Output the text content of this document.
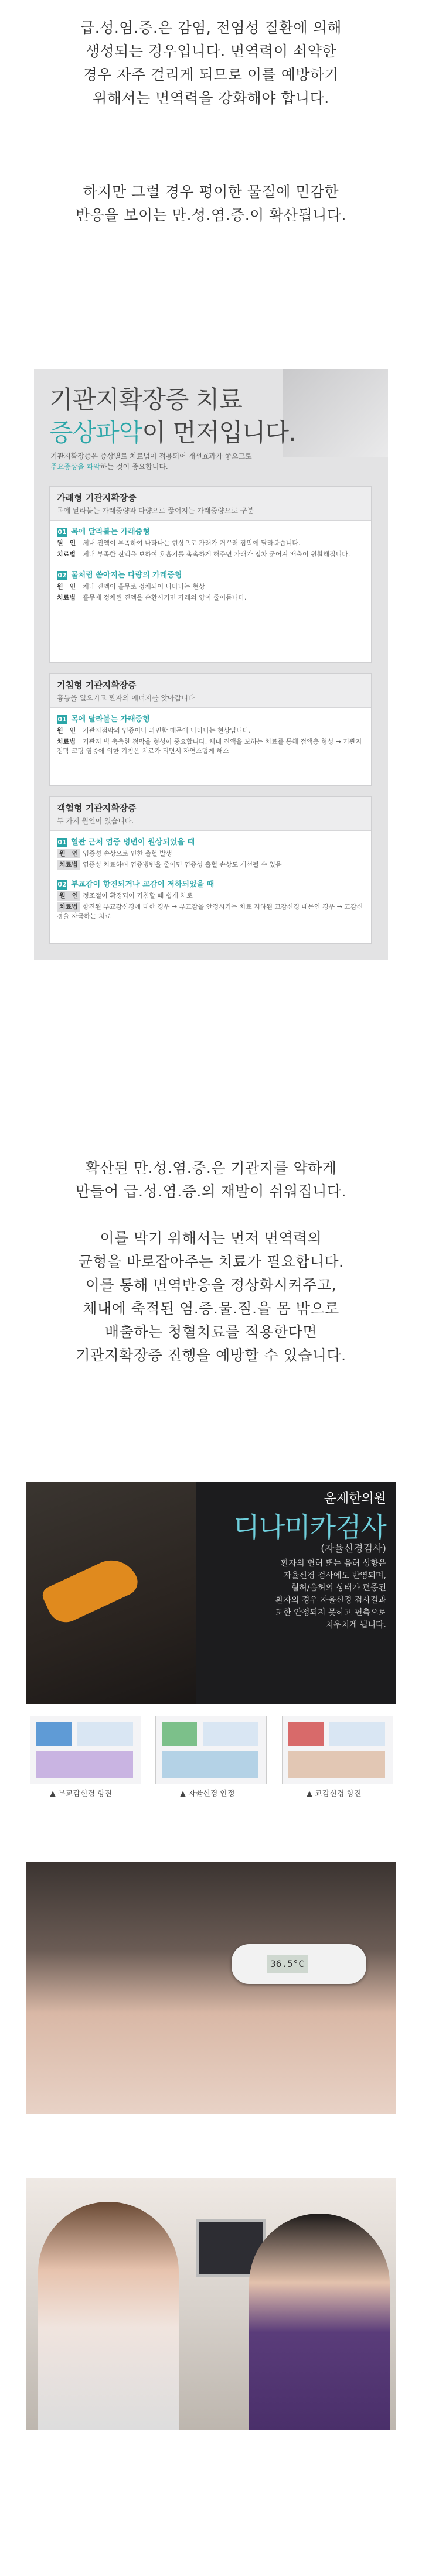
급.성.염.증.은 감염, 전염성 질환에 의해

생성되는 경우입니다. 면역력이 쇠약한

경우 자주 걸리게 되므로 이를 예방하기

위해서는 면역력을 강화해야 합니다.

하지만 그럴 경우 평이한 물질에 민감한

반응을 보이는 만.성.염.증.이 확산됩니다.

기관지확장증 치료
증상파악이 먼저입니다.
기관지확장증은 증상별로 치료법이 적용되어 개선효과가 좋으므로
주요증상을 파악하는 것이 중요합니다.
가래형 기관지확장증
목에 달라붙는 가래증량과 다량으로 끓어지는 가래증량으로 구분
01 목에 달라붙는 가래증형
원　인 체내 진액이 부족하여 나타나는 현상으로 가래가 거꾸러 잠막에 달라붙습니다.
치료법 체내 부족한 진액을 보하여 호흡기를 촉촉하게 해주면 가래가 점차 묽어져 배출이 원활해집니다.
02 물처럼 쏟아지는 다량의 가래증형
원　인 체내 진액이 흘무로 정체되어 나타나는 현상
치료법 흘무에 정체된 진액을 순환시키면 가래의 양이 줄어듭니다.
기침형 기관지확장증
흉통을 일으키고 환자의 에너지를 앗아갑니다
01 목에 달라붙는 가래증형
원　인 기관지점막의 염증이나 과민함 때문에 나타나는 현상입니다.
치료법 기관지 벽 축축한 점막을 형성이 중요합니다. 체내 진액을 보하는 치료를 통해 점액층 형성 → 기관지 점막 코팅 염증에 의한 기침은 치료가 되면서 자연스럽게 해소
객혈형 기관지확장증
두 가지 원인이 있습니다.
01 혈관 근처 염증 병변이 원상되었을 때
원　인 염증성 손상으로 인한 출혈 발생
치료법 염증성 치료하며 염증병변을 줄이면 염증성 출혈 손상도 개선될 수 있음
02 부교감이 항진되거나 교감이 저하되었을 때
원　인 정조절이 확정되어 기침할 때 쉽게 차로
치료법 항진된 부교감신경에 대한 경우 → 부교감을 안정시키는 치료 저하된 교감신경 때문인 경우 → 교감신경을 자극하는 치료

확산된 만.성.염.증.은 기관지를 약하게

만들어 급.성.염.증.의 재발이 쉬워집니다.

이를 막기 위해서는 먼저 면역력의

균형을 바로잡아주는 치료가 필요합니다.

이를 통해 면역반응을 정상화시켜주고,

체내에 축적된 염.증.물.질.을 몸 밖으로

배출하는 청혈치료를 적용한다면

기관지확장증 진행을 예방할 수 있습니다.

윤제한의원
디나미카검사
(자율신경검사)
환자의 혈허 또는 음허 성향은
자율신경 검사에도 반영되며,
혈허/음허의 상태가 편중된
환자의 경우 자율신경 검사결과
또한 안정되지 못하고 편측으로
치우치게 됩니다.
▲ 부교감신경 항진	▲ 자율신경 안정	▲ 교감신경 항진
36.5°C
